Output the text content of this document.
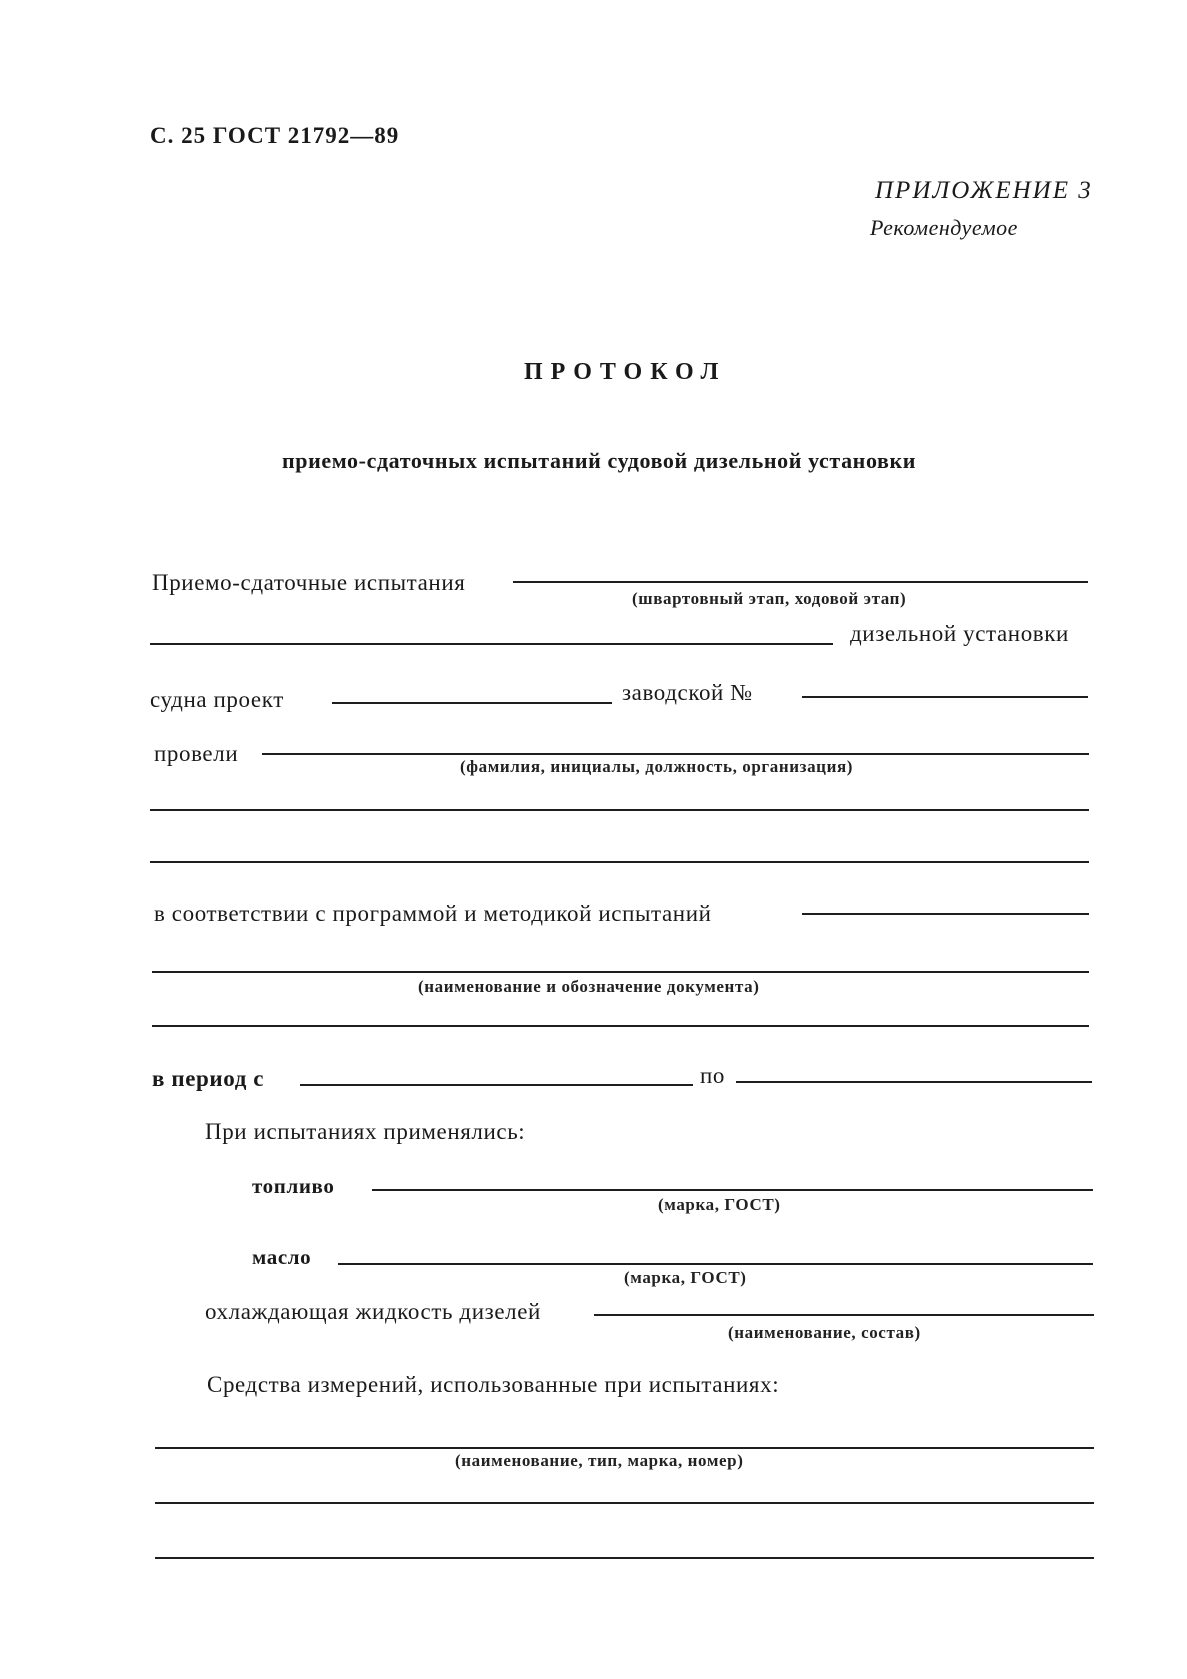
С. 25 ГОСТ 21792—89
ПРИЛОЖЕНИЕ 3
Рекомендуемое
ПРОТОКОЛ
приемо-сдаточных испытаний судовой дизельной установки
Приемо-сдаточные испытания
(швартовный этап, ходовой этап)
дизельной установки
судна проект	заводской №
провели
(фамилия, инициалы, должность, организация)
в соответствии с программой и методикой испытаний
(наименование и обозначение документа)
в период с	по
При испытаниях применялись:
топливо
(марка, ГОСТ)
масло
(марка, ГОСТ)
охлаждающая жидкость дизелей
(наименование, состав)
Средства измерений, использованные при испытаниях:
(наименование, тип, марка, номер)
